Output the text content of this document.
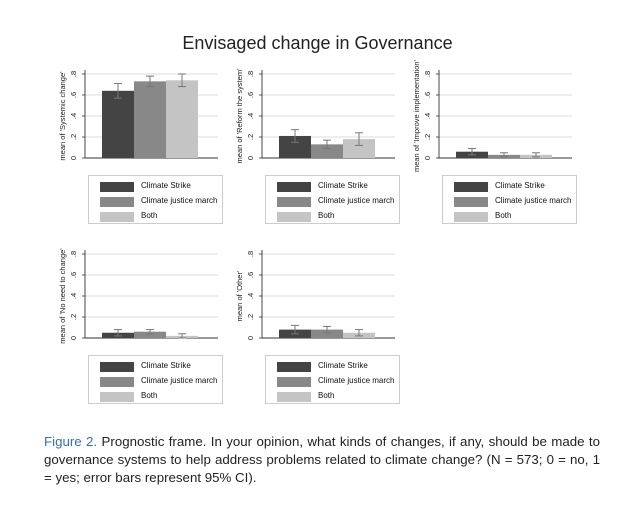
Envisaged change in Governance
0
.2
.4
.6
.8
mean of 'Systemic change'
Climate Strike
Climate justice march
Both
0
.2
.4
.6
.8
mean of 'Reform the system'
Climate Strike
Climate justice march
Both
0
.2
.4
.6
.8
mean of 'Improve implementation'
Climate Strike
Climate justice march
Both
0
.2
.4
.6
.8
mean of 'No need to change'
Climate Strike
Climate justice march
Both
0
.2
.4
.6
.8
mean of 'Other'
Climate Strike
Climate justice march
Both
Figure 2. Prognostic frame. In your opinion, what kinds of changes, if any, should be made to governance systems to help address problems related to climate change? (N = 573; 0 = no, 1 = yes; error bars represent 95% CI).
